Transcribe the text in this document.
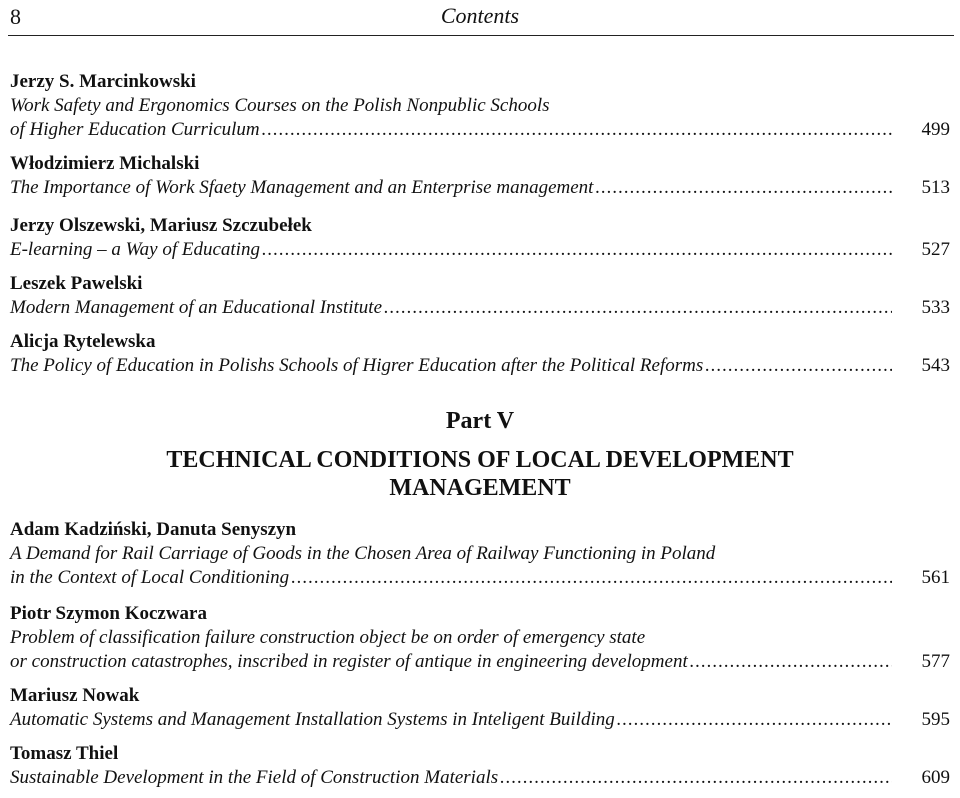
8	Contents
Jerzy S. Marcinkowski
Work Safety and Ergonomics Courses on the Polish Nonpublic Schools
of Higher Education Curriculum .....	499
Włodzimierz Michalski
The Importance of Work Sfaety Management and an Enterprise management .....	513
Jerzy Olszewski, Mariusz Szczubełek
E-learning – a Way of Educating .....	527
Leszek Pawelski
Modern Management of an Educational Institute .....	533
Alicja Rytelewska
The Policy of Education in Polishs Schools of Higrer Education after the Political Reforms .....	543
Part V
TECHNICAL CONDITIONS OF LOCAL DEVELOPMENT
MANAGEMENT
Adam Kadziński, Danuta Senyszyn
A Demand for Rail Carriage of Goods in the Chosen Area of Railway Functioning in Poland
in the Context of Local Conditioning .....	561
Piotr Szymon Koczwara
Problem of classification failure construction object be on order of emergency state
or construction catastrophes, inscribed in register of antique in engineering development .....	577
Mariusz Nowak
Automatic Systems and Management Installation Systems in Inteligent Building .....	595
Tomasz Thiel
Sustainable Development in the Field of Construction Materials .....	609
